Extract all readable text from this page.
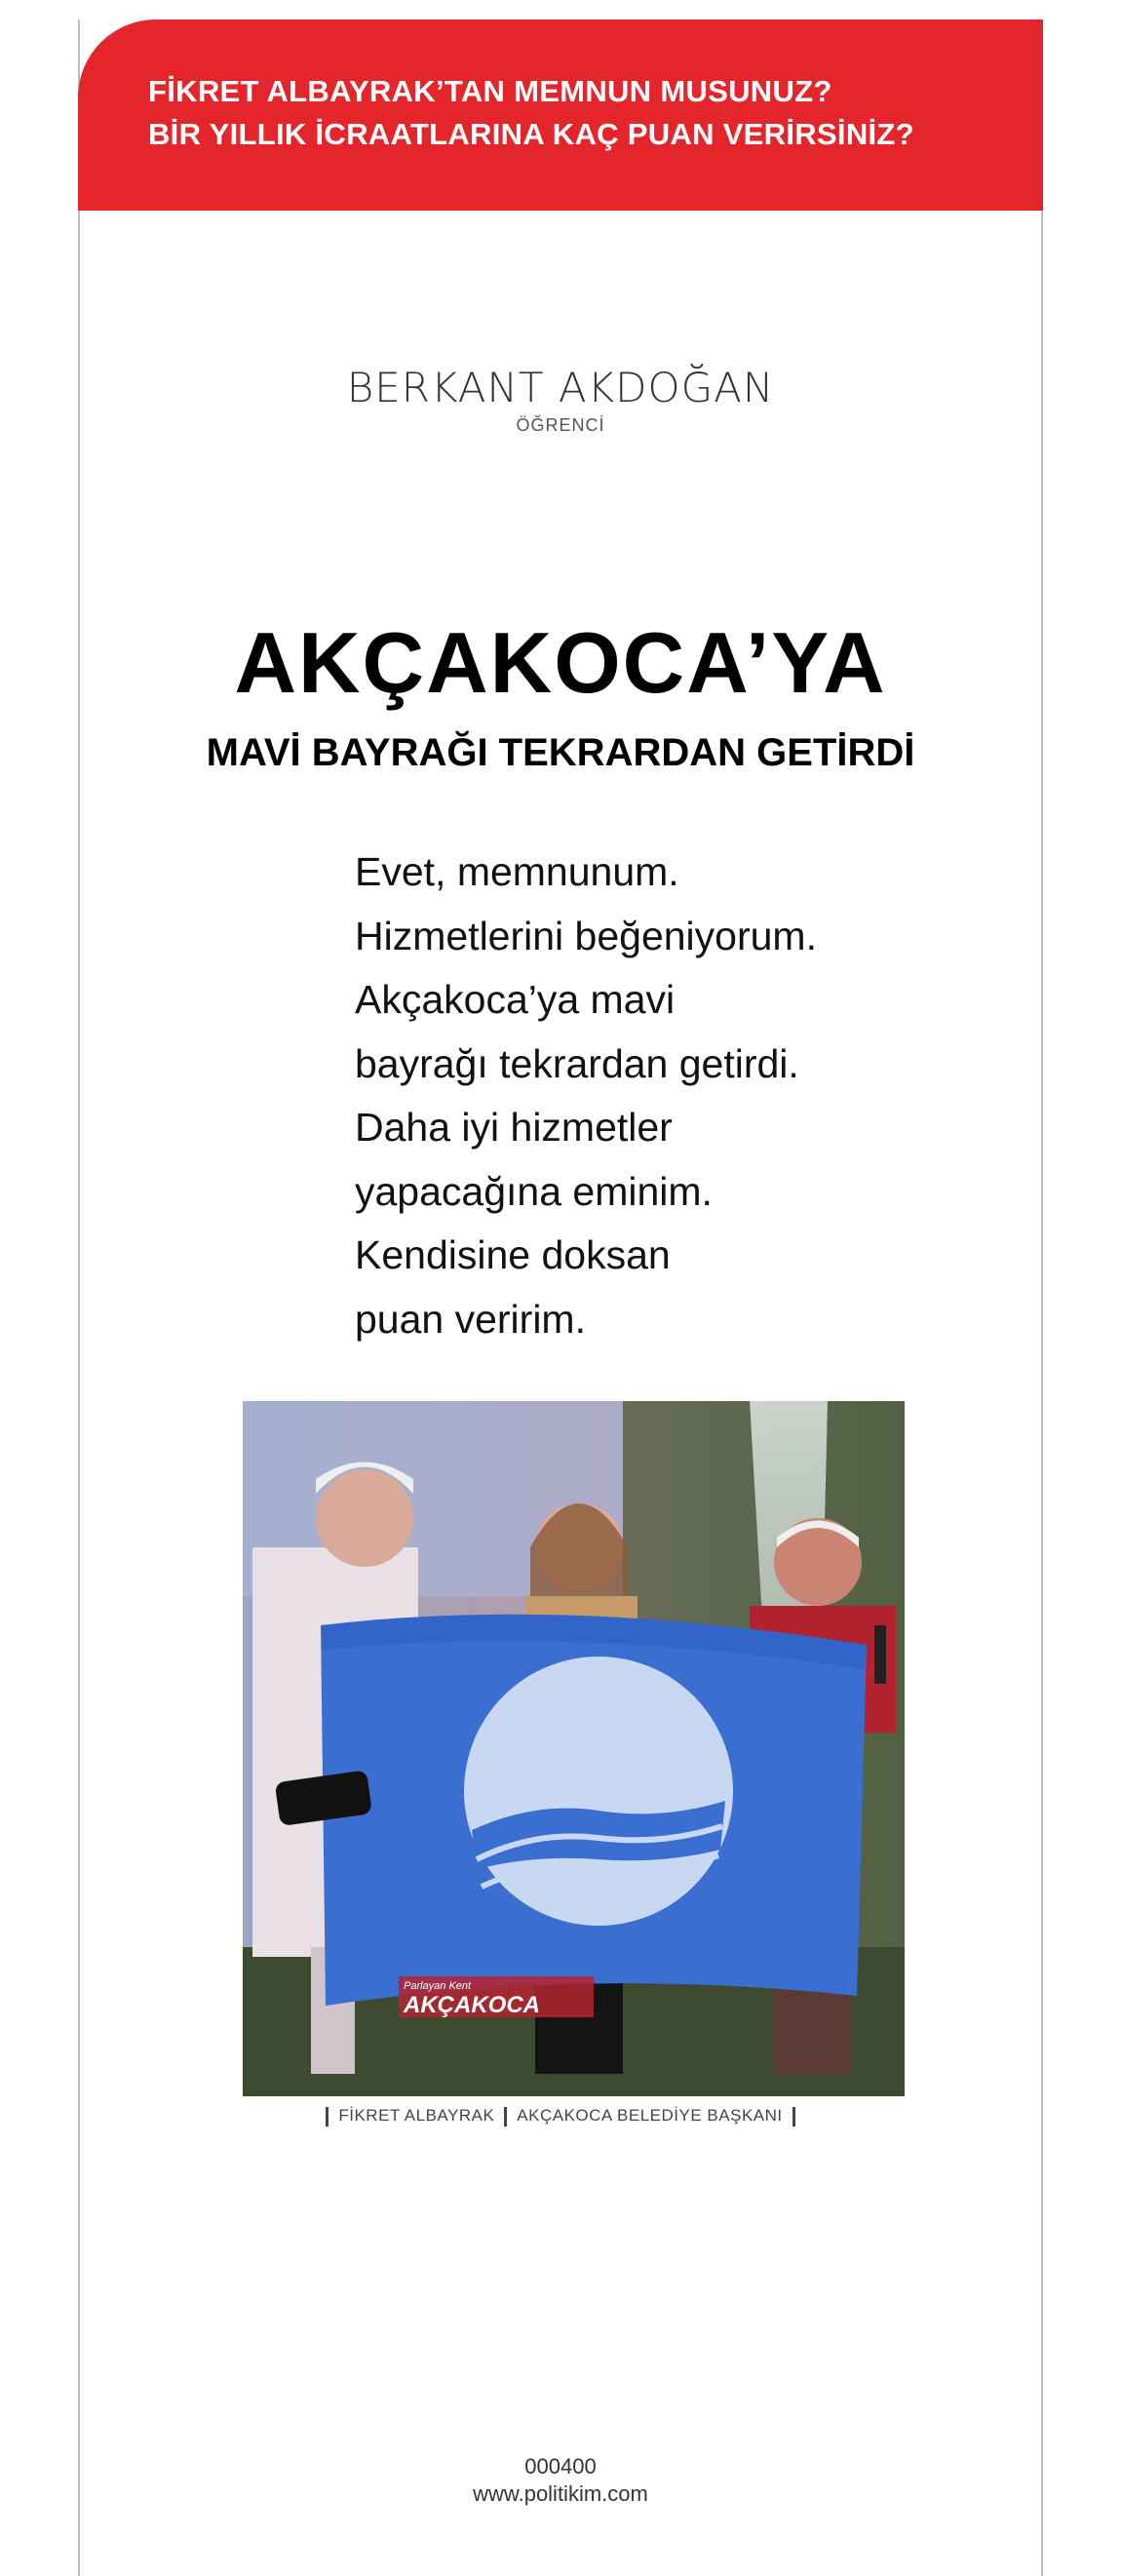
FİKRET ALBAYRAK’TAN MEMNUN MUSUNUZ?
BİR YILLIK İCRAATLARINA KAÇ PUAN VERİRSİNİZ?
BERKANT AKDOĞAN
ÖĞRENCİ
AKÇAKOCA’YA
MAVİ BAYRAĞI TEKRARDAN GETİRDİ
Evet, memnunum.
Hizmetlerini beğeniyorum.
Akçakoca’ya mavi
bayrağı tekrardan getirdi.
Daha iyi hizmetler
yapacağına eminim.
Kendisine doksan
puan veririm.
Parlayan Kent
AKÇAKOCA
FİKRET ALBAYRAK AKÇAKOCA BELEDİYE BAŞKANI
000400
www.politikim.com
